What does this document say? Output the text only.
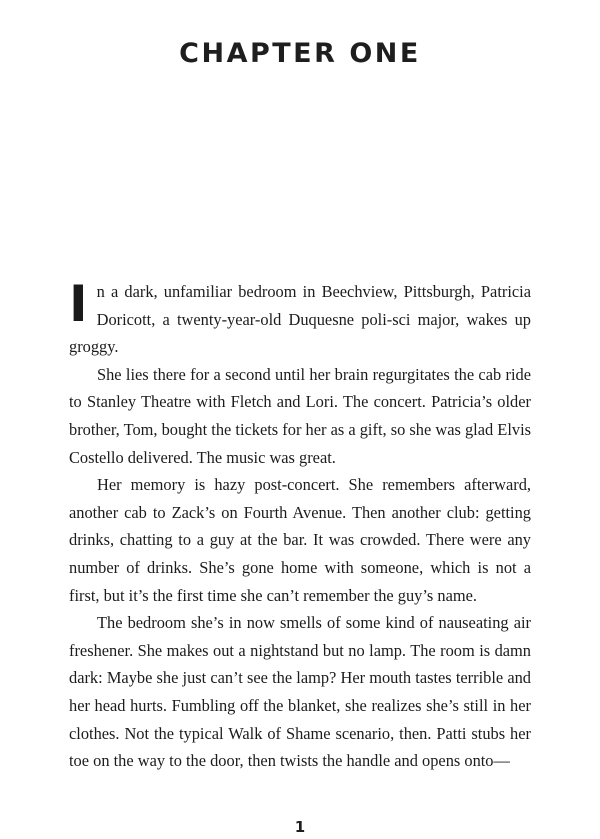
CHAPTER ONE

In a dark, unfamiliar bedroom in Beechview, Pittsburgh, Patricia Doricott, a twenty-year-old Duquesne poli-sci major, wakes up groggy.

She lies there for a second until her brain regurgitates the cab ride to Stanley Theatre with Fletch and Lori. The concert. Patricia’s older brother, Tom, bought the tickets for her as a gift, so she was glad Elvis Costello delivered. The music was great.

Her memory is hazy post-concert. She remembers afterward, another cab to Zack’s on Fourth Avenue. Then another club: getting drinks, chatting to a guy at the bar. It was crowded. There were any number of drinks. She’s gone home with someone, which is not a first, but it’s the first time she can’t remember the guy’s name.

The bedroom she’s in now smells of some kind of nauseating air freshener. She makes out a nightstand but no lamp. The room is damn dark: Maybe she just can’t see the lamp? Her mouth tastes terrible and her head hurts. Fumbling off the blanket, she realizes she’s still in her clothes. Not the typical Walk of Shame scenario, then. Patti stubs her toe on the way to the door, then twists the handle and opens onto—

1
